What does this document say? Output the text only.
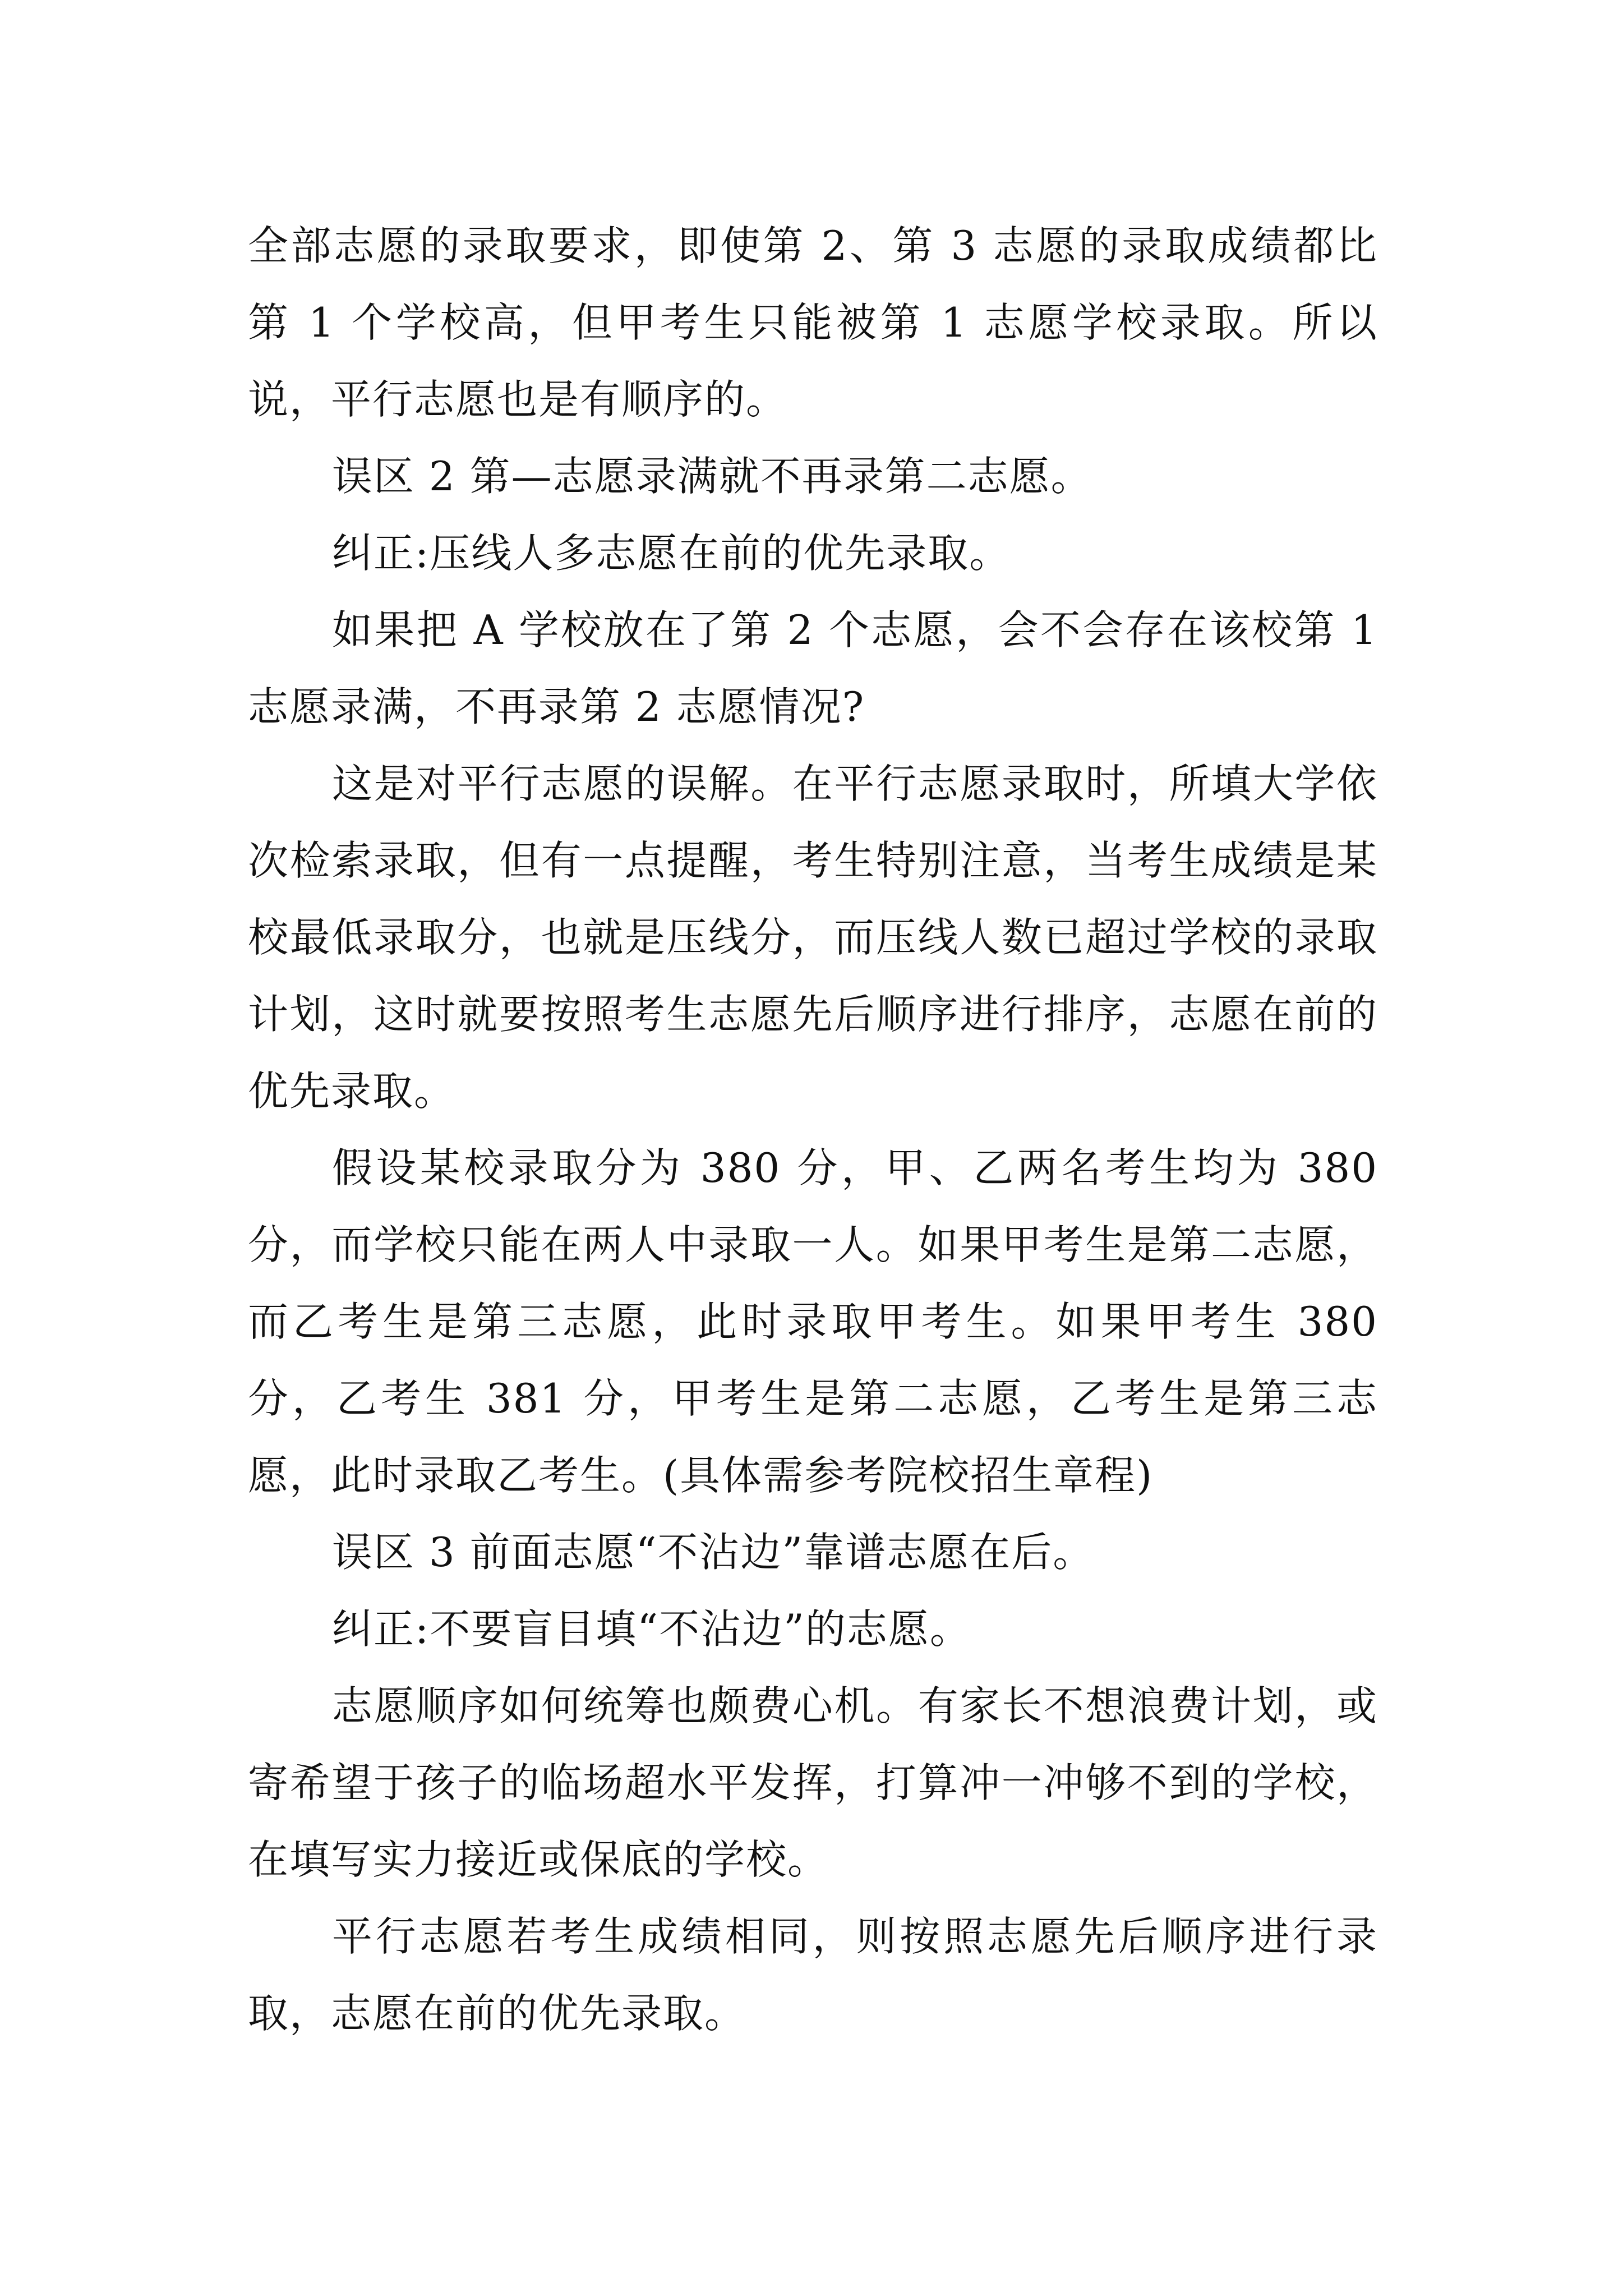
全部志愿的录取要求，即使第 2、第 3 志愿的录取成绩都比第 1 个学校高，但甲考生只能被第 1 志愿学校录取。所以说，平行志愿也是有顺序的。

误区 2 第—志愿录满就不再录第二志愿。

纠正:压线人多志愿在前的优先录取。

如果把 A 学校放在了第 2 个志愿，会不会存在该校第 1 志愿录满，不再录第 2 志愿情况?

这是对平行志愿的误解。在平行志愿录取时，所填大学依次检索录取，但有一点提醒，考生特别注意，当考生成绩是某校最低录取分，也就是压线分，而压线人数已超过学校的录取计划，这时就要按照考生志愿先后顺序进行排序，志愿在前的优先录取。

假设某校录取分为 380 分，甲、乙两名考生均为 380 分，而学校只能在两人中录取一人。如果甲考生是第二志愿，而乙考生是第三志愿，此时录取甲考生。如果甲考生 380 分，乙考生 381 分，甲考生是第二志愿，乙考生是第三志愿，此时录取乙考生。(具体需参考院校招生章程)

误区 3 前面志愿“不沾边”靠谱志愿在后。

纠正:不要盲目填“不沾边”的志愿。

志愿顺序如何统筹也颇费心机。有家长不想浪费计划，或寄希望于孩子的临场超水平发挥，打算冲一冲够不到的学校，在填写实力接近或保底的学校。

平行志愿若考生成绩相同，则按照志愿先后顺序进行录取，志愿在前的优先录取。
